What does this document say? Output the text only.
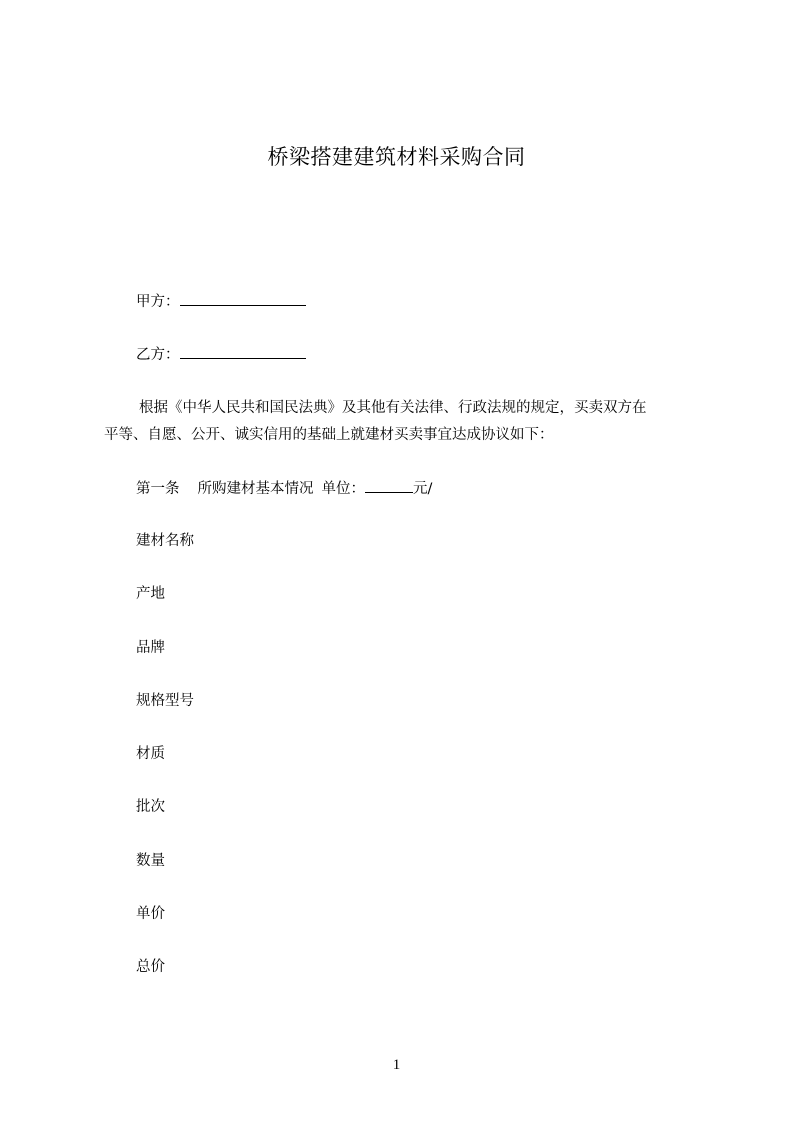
桥梁搭建建筑材料采购合同
甲方：
乙方：
根据《中华人民共和国民法典》及其他有关法律、行政法规的规定，买卖双方在
平等、自愿、公开、诚实信用的基础上就建材买卖事宜达成协议如下：
第一条 所购建材基本情况 单位：	元/
建材名称
产地
品牌
规格型号
材质
批次
数量
单价
总价
1
